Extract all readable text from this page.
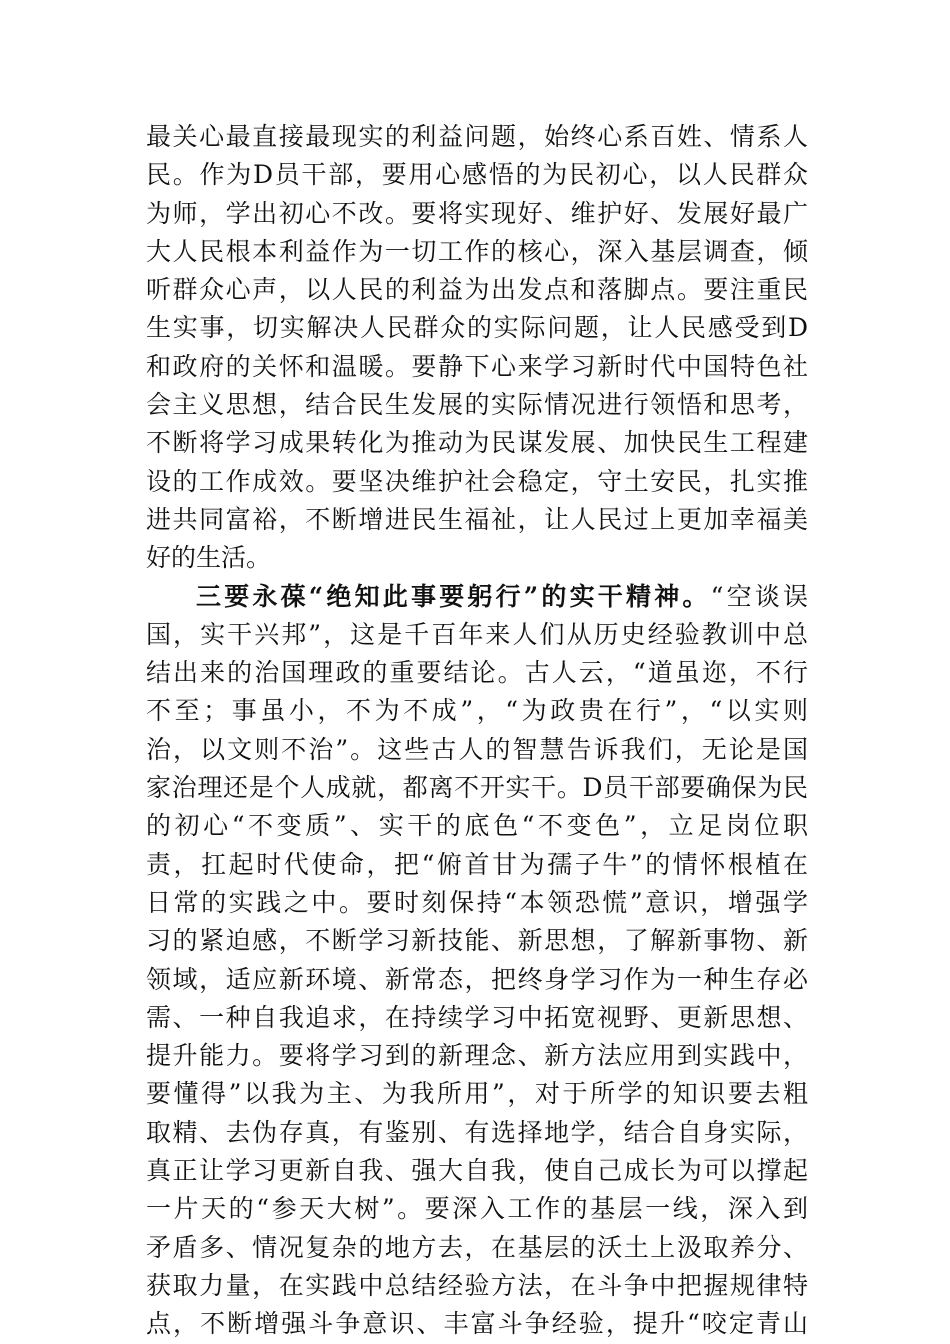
最关心最直接最现实的利益问题，始终心系百姓、情系人
民。作为D员干部，要用心感悟的为民初心，以人民群众
为师，学出初心不改。要将实现好、维护好、发展好最广
大人民根本利益作为一切工作的核心，深入基层调查，倾
听群众心声，以人民的利益为出发点和落脚点。要注重民
生实事，切实解决人民群众的实际问题，让人民感受到D
和政府的关怀和温暖。要静下心来学习新时代中国特色社
会主义思想，结合民生发展的实际情况进行领悟和思考，
不断将学习成果转化为推动为民谋发展、加快民生工程建
设的工作成效。要坚决维护社会稳定，守土安民，扎实推
进共同富裕，不断增进民生福祉，让人民过上更加幸福美
好的生活。
三要永葆“绝知此事要躬行”的实干精神。“空谈误
国，实干兴邦”，这是千百年来人们从历史经验教训中总
结出来的治国理政的重要结论。古人云，“道虽迩，不行
不至；事虽小，不为不成”，“为政贵在行”，“以实则
治，以文则不治”。这些古人的智慧告诉我们，无论是国
家治理还是个人成就，都离不开实干。D员干部要确保为民
的初心“不变质”、实干的底色“不变色”，立足岗位职
责，扛起时代使命，把“俯首甘为孺子牛”的情怀根植在
日常的实践之中。要时刻保持“本领恐慌”意识，增强学
习的紧迫感，不断学习新技能、新思想，了解新事物、新
领域，适应新环境、新常态，把终身学习作为一种生存必
需、一种自我追求，在持续学习中拓宽视野、更新思想、
提升能力。要将学习到的新理念、新方法应用到实践中，
要懂得”以我为主、为我所用”，对于所学的知识要去粗
取精、去伪存真，有鉴别、有选择地学，结合自身实际，
真正让学习更新自我、强大自我，使自己成长为可以撑起
一片天的“参天大树”。要深入工作的基层一线，深入到
矛盾多、情况复杂的地方去，在基层的沃土上汲取养分、
获取力量，在实践中总结经验方法，在斗争中把握规律特
点，不断增强斗争意识、丰富斗争经验，提升“咬定青山
